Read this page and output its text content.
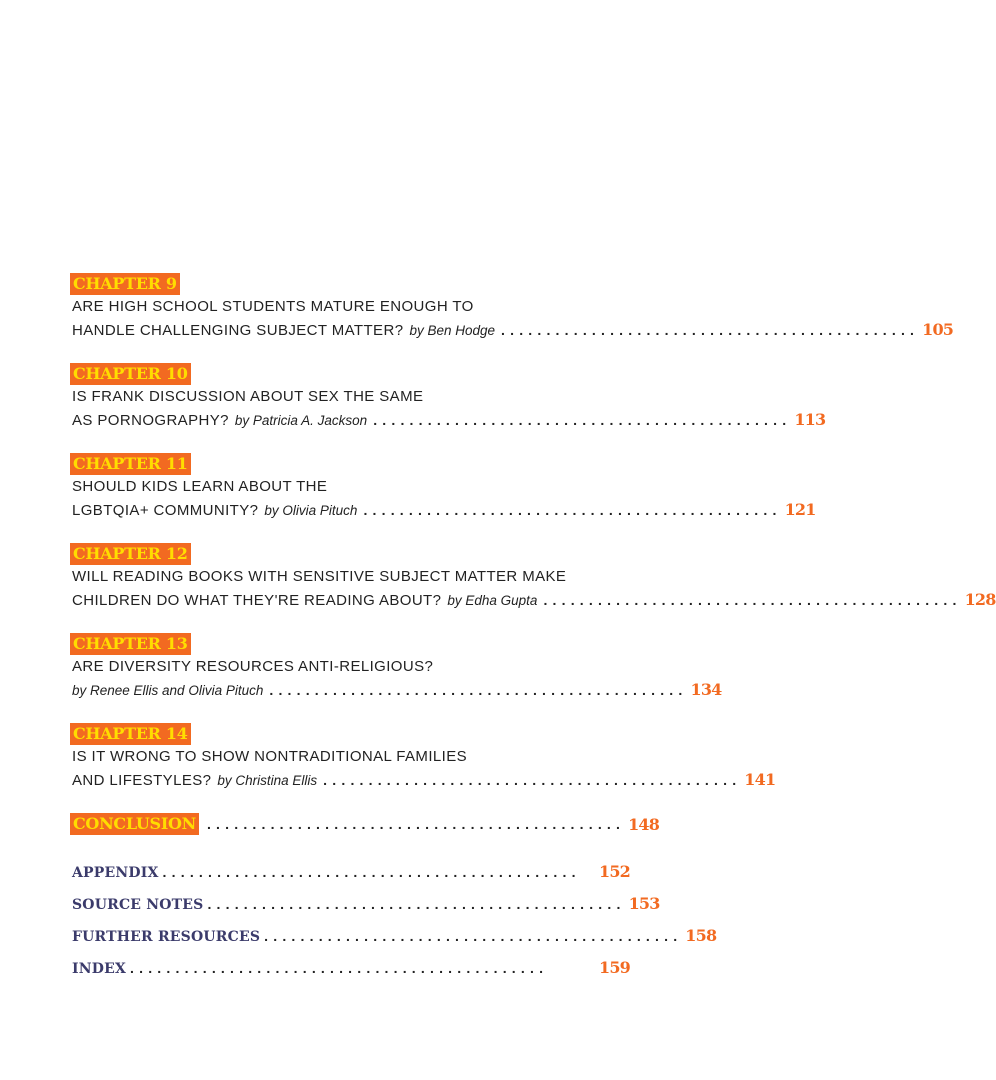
CHAPTER 9
ARE HIGH SCHOOL STUDENTS MATURE ENOUGH TO
HANDLE CHALLENGING SUBJECT MATTER? by Ben Hodge .............................................. 105
CHAPTER 10
IS FRANK DISCUSSION ABOUT SEX THE SAME
AS PORNOGRAPHY? by Patricia A. Jackson .............................................. 113
CHAPTER 11
SHOULD KIDS LEARN ABOUT THE
LGBTQIA+ COMMUNITY? by Olivia Pituch .............................................. 121
CHAPTER 12
WILL READING BOOKS WITH SENSITIVE SUBJECT MATTER MAKE
CHILDREN DO WHAT THEY'RE READING ABOUT? by Edha Gupta .............................................. 128
CHAPTER 13
ARE DIVERSITY RESOURCES ANTI-RELIGIOUS?
by Renee Ellis and Olivia Pituch .............................................. 134
CHAPTER 14
IS IT WRONG TO SHOW NONTRADITIONAL FAMILIES
AND LIFESTYLES? by Christina Ellis .............................................. 141
CONCLUSION .............................................. 148
APPENDIX ..............................................	152
SOURCE NOTES .............................................. 153
FURTHER RESOURCES .............................................. 158
INDEX ..............................................	159
